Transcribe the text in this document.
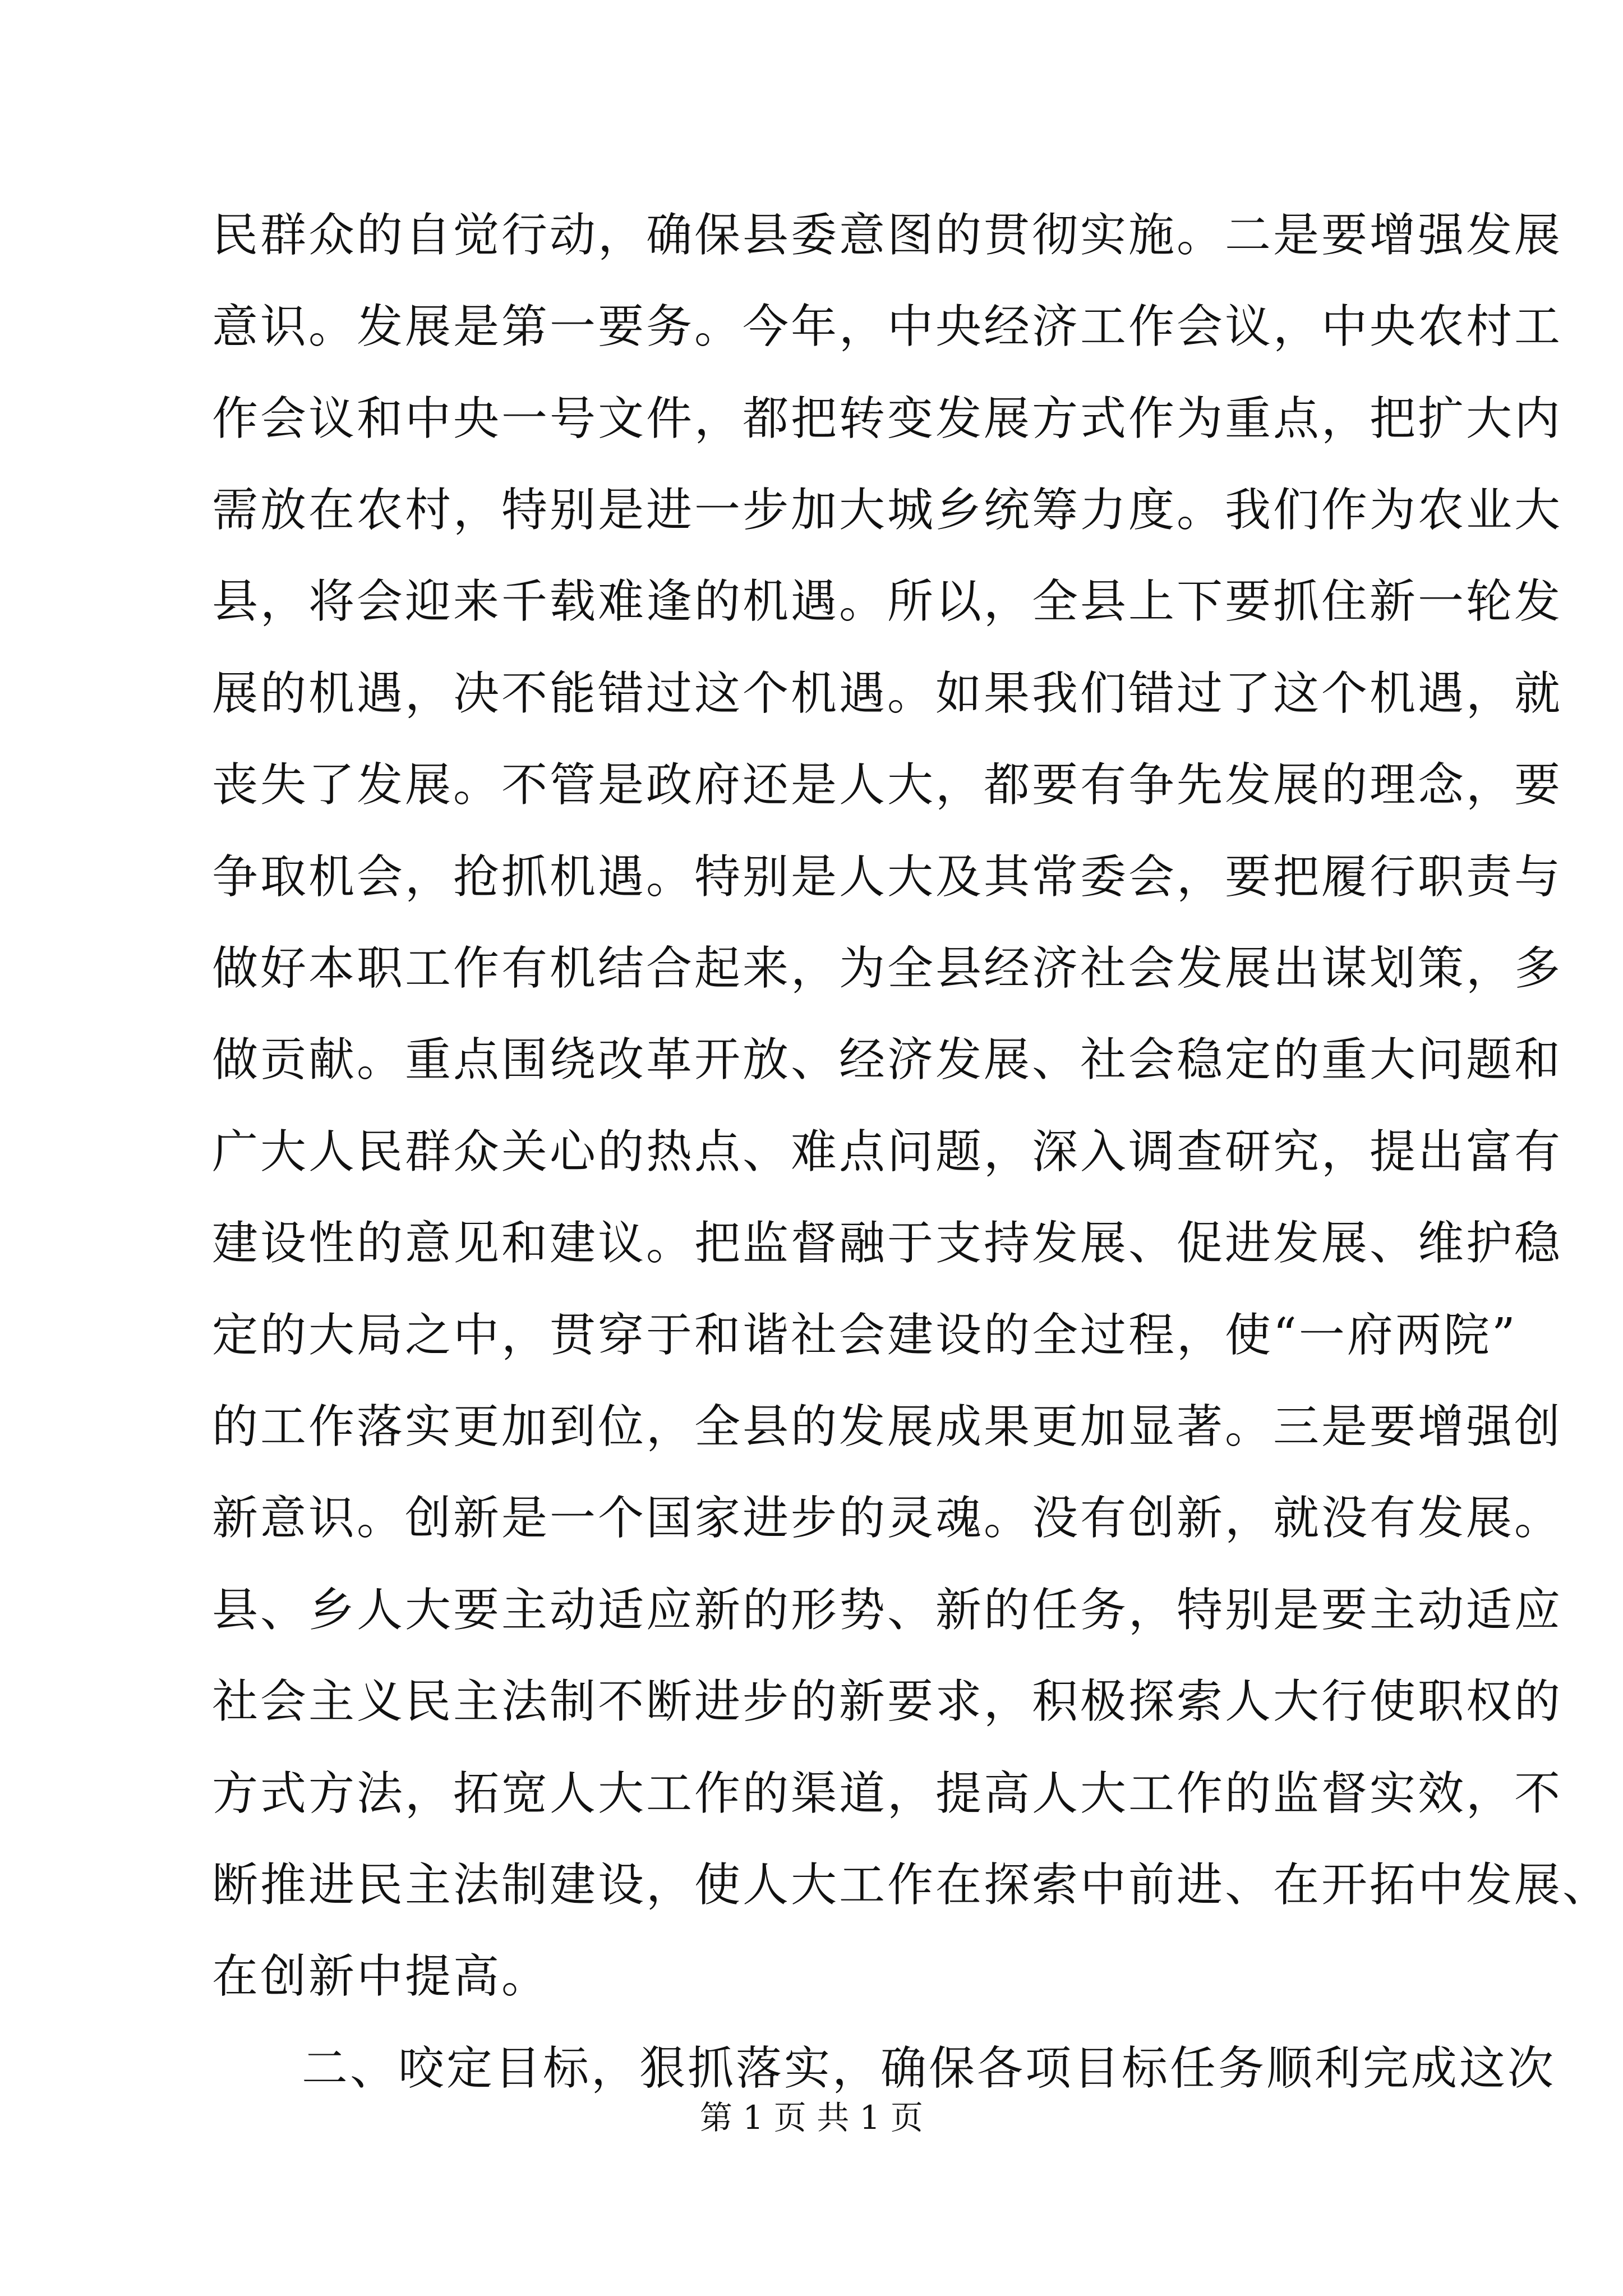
民群众的自觉行动，确保县委意图的贯彻实施。二是要增强发展
意识。发展是第一要务。今年，中央经济工作会议，中央农村工
作会议和中央一号文件，都把转变发展方式作为重点，把扩大内
需放在农村，特别是进一步加大城乡统筹力度。我们作为农业大
县，将会迎来千载难逢的机遇。所以，全县上下要抓住新一轮发
展的机遇，决不能错过这个机遇。如果我们错过了这个机遇，就
丧失了发展。不管是政府还是人大，都要有争先发展的理念，要
争取机会，抢抓机遇。特别是人大及其常委会，要把履行职责与
做好本职工作有机结合起来，为全县经济社会发展出谋划策，多
做贡献。重点围绕改革开放、经济发展、社会稳定的重大问题和
广大人民群众关心的热点、难点问题，深入调查研究，提出富有
建设性的意见和建议。把监督融于支持发展、促进发展、维护稳
定的大局之中，贯穿于和谐社会建设的全过程，使“一府两院”
的工作落实更加到位，全县的发展成果更加显著。三是要增强创
新意识。创新是一个国家进步的灵魂。没有创新，就没有发展。
县、乡人大要主动适应新的形势、新的任务，特别是要主动适应
社会主义民主法制不断进步的新要求，积极探索人大行使职权的
方式方法，拓宽人大工作的渠道，提高人大工作的监督实效，不
断推进民主法制建设，使人大工作在探索中前进、在开拓中发展、
在创新中提高。
二、咬定目标，狠抓落实，确保各项目标任务顺利完成这次
第 1 页 共 1 页
